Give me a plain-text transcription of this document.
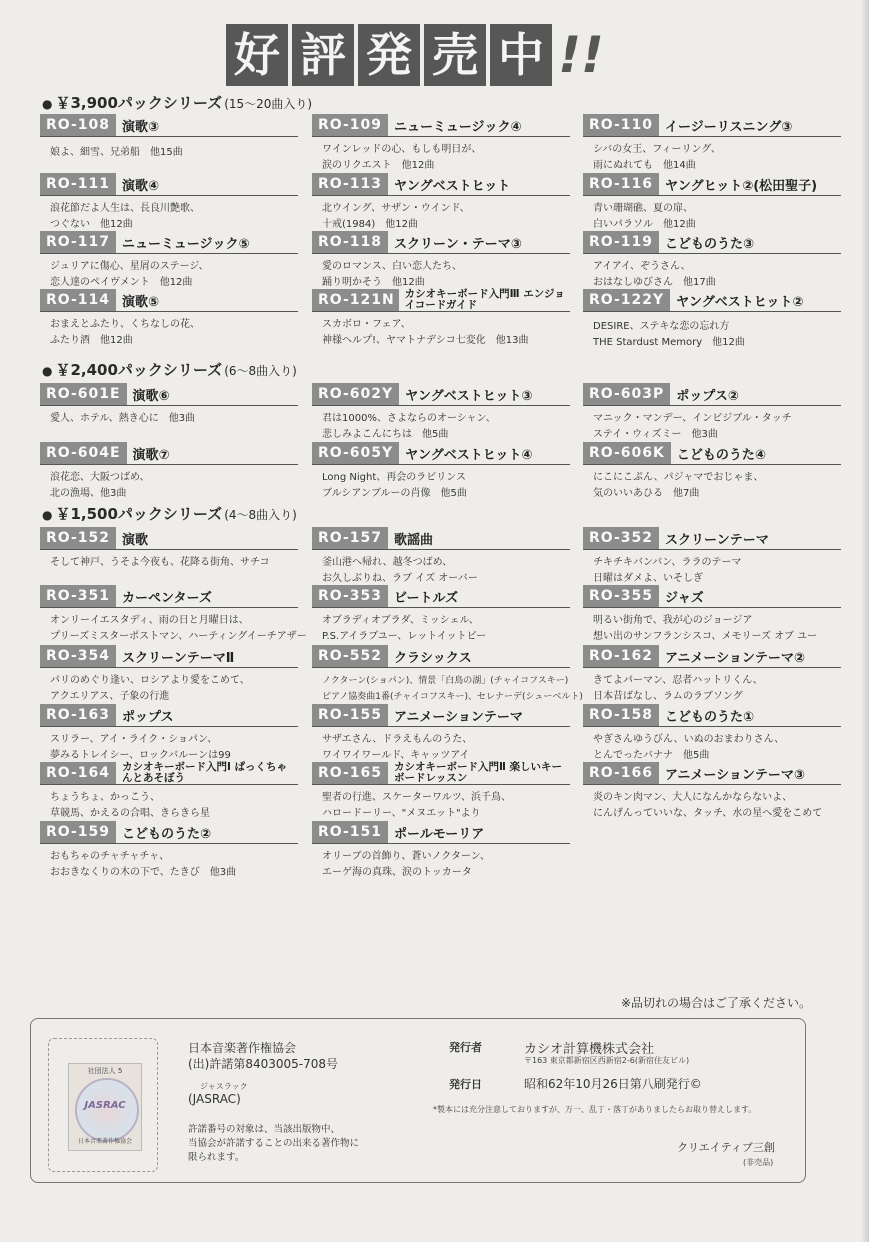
好 評 発 売 中 !!
● ￥3,900パックシリーズ (15～20曲入り)
● ￥2,400パックシリーズ (6～8曲入り)
● ￥1,500パックシリーズ (4～8曲入り)
RO-108 演歌③
娘よ、細雪、兄弟船　他15曲
RO-109 ニューミュージック④
ワインレッドの心、もしも明日が、
涙のリクエスト　他12曲
RO-110 イージーリスニング③
シバの女王、フィーリング、
雨にぬれても　他14曲
RO-111 演歌④
浪花節だよ人生は、長良川艶歌、
つぐない　他12曲
RO-113 ヤングベストヒット
北ウイング、サザン・ウインド、
十戒(1984)　他12曲
RO-116 ヤングヒット②(松田聖子)
青い珊瑚礁、夏の扉、
白いパラソル　他12曲
RO-117 ニューミュージック⑤
ジュリアに傷心、星屑のステージ、
恋人達のペイヴメント　他12曲
RO-118 スクリーン・テーマ③
愛のロマンス、白い恋人たち、
踊り明かそう　他12曲
RO-119 こどものうた③
アイアイ、ぞうさん、
おはなしゆびさん　他17曲
RO-114 演歌⑤
おまえとふたり、くちなしの花、
ふたり酒　他12曲
RO-121N カシオキーボード入門Ⅲ エンジョイコードガイド
スカボロ・フェア、
神様ヘルプ!、ヤマトナデシコ七変化　他13曲
RO-122Y ヤングベストヒット②
DESIRE、ステキな恋の忘れ方
THE Stardust Memory　他12曲
RO-601E 演歌⑥
愛人、ホテル、熱き心に　他3曲
RO-602Y ヤングベストヒット③
君は1000%、さよならのオーシャン、
悲しみよこんにちは　他5曲
RO-603P ポップス②
マニック・マンデー、インビジブル・タッチ
ステイ・ウィズミー　他3曲
RO-604E 演歌⑦
浪花恋、大阪つばめ、
北の漁場、他3曲
RO-605Y ヤングベストヒット④
Long Night、再会のラビリンス
ブルシアンブルーの肖像　他5曲
RO-606K こどものうた④
にこにこぷん、パジャマでおじゃま、
気のいいあひる　他7曲
RO-152 演歌
そして神戸、うそよ今夜も、花降る街角、サチコ
RO-157 歌謡曲
釜山港へ帰れ、越冬つばめ、
お久しぶりね、ラブ イズ オーバー
RO-352 スクリーンテーマ
チキチキバンバン、ララのテーマ
日曜はダメよ、いそしぎ
RO-351 カーペンターズ
オンリーイエスタディ、雨の日と月曜日は、
プリーズミスターポストマン、ハーティングイーチアザー
RO-353 ビートルズ
オブラディオブラダ、ミッシェル、
P.S.アイラブユー、レットイットビー
RO-355 ジャズ
明るい街角で、我が心のジョージア
想い出のサンフランシスコ、メモリーズ オブ ユー
RO-354 スクリーンテーマⅡ
パリのめぐり逢い、ロシアより愛をこめて、
アクエリアス、子象の行進
RO-552 クラシックス
ノクターン(ショパン)、情景「白鳥の湖」(チャイコフスキー)
ピアノ協奏曲1番(チャイコフスキー)、セレナーデ(シューベルト)
RO-162 アニメーションテーマ②
きてよパーマン、忍者ハットリくん、
日本昔ばなし、ラムのラブソング
RO-163 ポップス
スリラー、アイ・ライク・ショパン、
夢みるトレイシー、ロックバルーンは99
RO-155 アニメーションテーマ
サザエさん、ドラえもんのうた、
ワイワイワールド、キャッツアイ
RO-158 こどものうた①
やぎさんゆうびん、いぬのおまわりさん、
とんでったバナナ　他5曲
RO-164	カシオキーボード入門Ⅰ ぱっくちゃんとあそぼう
ちょうちょ、かっこう、
草競馬、かえるの合唱、きらきら星
RO-165	カシオキーボード入門Ⅱ 楽しいキーボードレッスン
聖者の行進、スケーターワルツ、浜千鳥、
ハロードーリー、"メヌエット"より
RO-166 アニメーションテーマ③
炎のキン肉マン、大人になんかならないよ、
にんげんっていいな、タッチ、水の星へ愛をこめて
RO-159 こどものうた②
おもちゃのチャチャチャ、
おおきなくりの木の下で、たきび　他3曲
RO-151 ポールモーリア
オリーブの首飾り、蒼いノクターン、
エーゲ海の真珠、涙のトッカータ
※品切れの場合はご了承ください。
社団法人 5
JASRAC
日本音楽著作権協会
日本音楽著作権協会
(出)許諾第8403005-708号
ジャスラック
(JASRAC)
許諾番号の対象は、当該出版物中、
当協会が許諾することの出来る著作物に
限られます。
発行者	カシオ計算機株式会社
〒163 東京都新宿区西新宿2-6(新宿住友ビル)
発行日	昭和62年10月26日第八刷発行©
*製本には充分注意しておりますが、万一、乱丁・落丁がありましたらお取り替えします。
クリエイティブ三創
(非売品)
